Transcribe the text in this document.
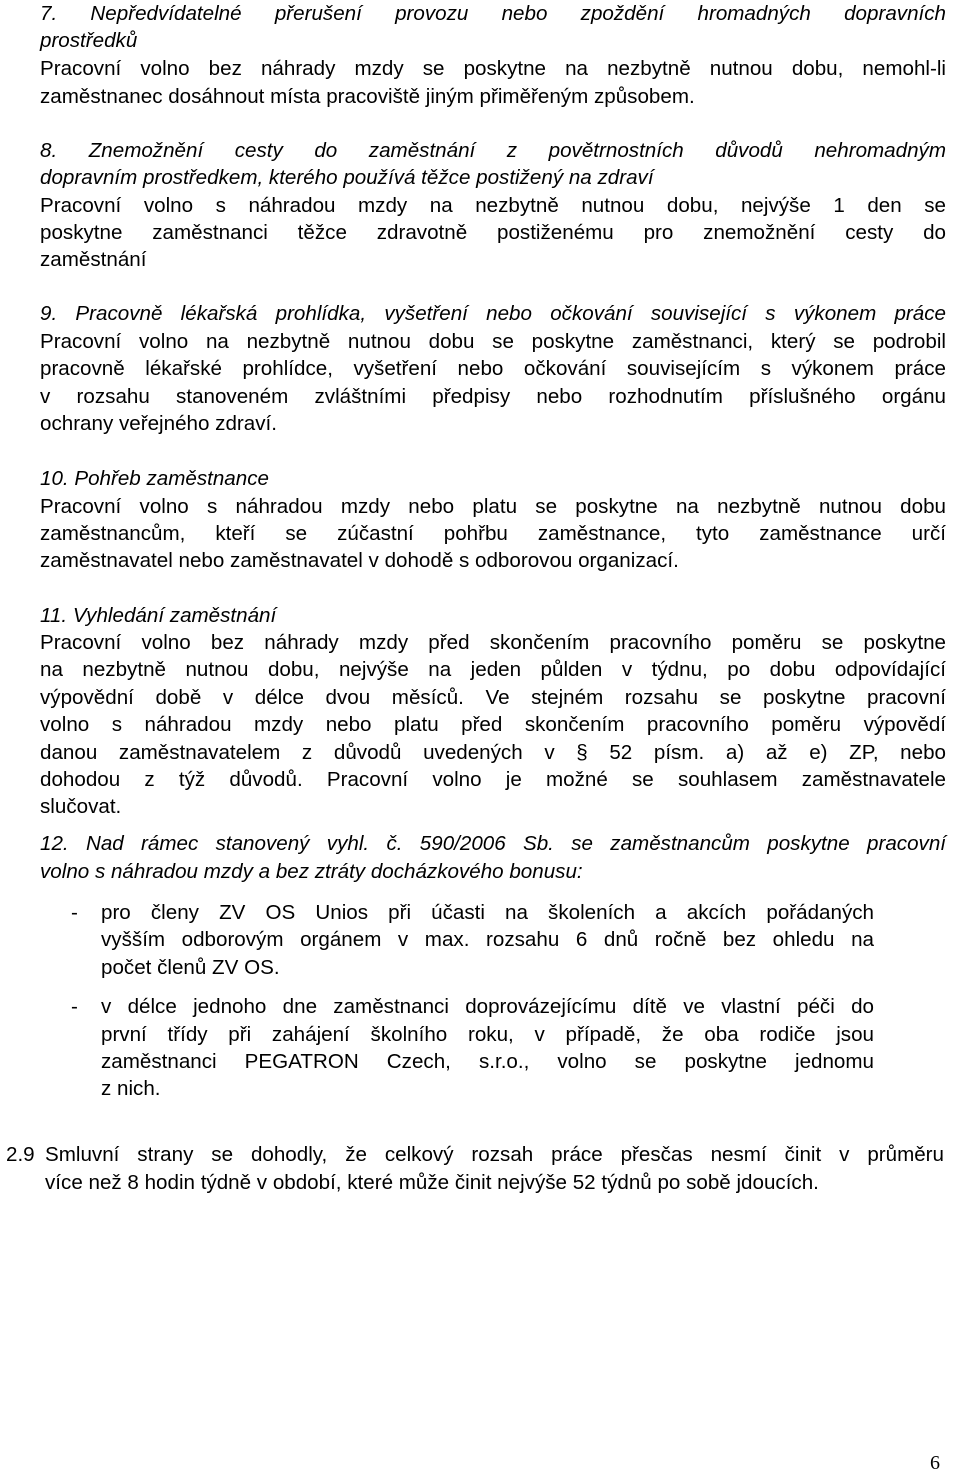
7. Nepředvídatelné přerušení provozu nebo zpoždění hromadných dopravních
prostředků
Pracovní volno bez náhrady mzdy se poskytne na nezbytně nutnou dobu, nemohl-li
zaměstnanec dosáhnout místa pracoviště jiným přiměřeným způsobem.
8. Znemožnění cesty do zaměstnání z povětrnostních důvodů nehromadným
dopravním prostředkem, kterého používá těžce postižený na zdraví
Pracovní volno s náhradou mzdy na nezbytně nutnou dobu, nejvýše 1 den se
poskytne zaměstnanci těžce zdravotně postiženému pro znemožnění cesty do
zaměstnání
9. Pracovně lékařská prohlídka, vyšetření nebo očkování související s výkonem práce
Pracovní volno na nezbytně nutnou dobu se poskytne zaměstnanci, který se podrobil
pracovně lékařské prohlídce, vyšetření nebo očkování souvisejícím s výkonem práce
v rozsahu stanoveném zvláštními předpisy nebo rozhodnutím příslušného orgánu
ochrany veřejného zdraví.
10. Pohřeb zaměstnance
Pracovní volno s náhradou mzdy nebo platu se poskytne na nezbytně nutnou dobu
zaměstnancům, kteří se zúčastní pohřbu zaměstnance, tyto zaměstnance určí
zaměstnavatel nebo zaměstnavatel v dohodě s odborovou organizací.
11. Vyhledání zaměstnání
Pracovní volno bez náhrady mzdy před skončením pracovního poměru se poskytne
na nezbytně nutnou dobu, nejvýše na jeden půlden v týdnu, po dobu odpovídající
výpovědní době v délce dvou měsíců. Ve stejném rozsahu se poskytne pracovní
volno s náhradou mzdy nebo platu před skončením pracovního poměru výpovědí
danou zaměstnavatelem z důvodů uvedených v § 52 písm. a) až e) ZP, nebo
dohodou z týž důvodů. Pracovní volno je možné se souhlasem zaměstnavatele
slučovat.
12. Nad rámec stanovený vyhl. č. 590/2006 Sb. se zaměstnancům poskytne pracovní
volno s náhradou mzdy a bez ztráty docházkového bonusu:
- pro členy ZV OS Unios při účasti na školeních a akcích pořádaných
vyšším odborovým orgánem v max. rozsahu 6 dnů ročně bez ohledu na
počet členů ZV OS.
- v délce jednoho dne zaměstnanci doprovázejícímu dítě ve vlastní péči do
první třídy při zahájení školního roku, v případě, že oba rodiče jsou
zaměstnanci PEGATRON Czech, s.r.o., volno se poskytne jednomu
z nich.
2.9 Smluvní strany se dohodly, že celkový rozsah práce přesčas nesmí činit v průměru
více než 8 hodin týdně v období, které může činit nejvýše 52 týdnů po sobě jdoucích.
6
